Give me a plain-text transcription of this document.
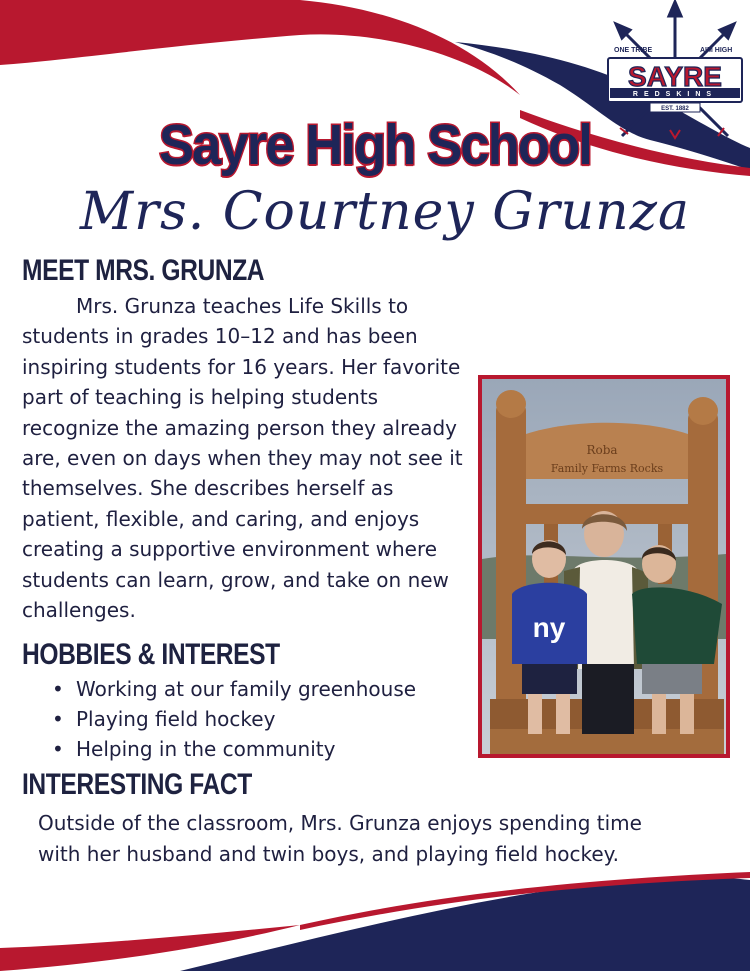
ONE TRIBE	AIM HIGH
SAYRE
REDSKINS
EST. 1882
Sayre High School
Mrs. Courtney Grunza
MEET MRS. GRUNZA
Mrs. Grunza teaches Life Skills to students in grades 10–12 and has been inspiring students for 16 years. Her favorite part of teaching is helping students recognize the amazing person they already are, even on days when they may not see it themselves. She describes herself as patient, flexible, and caring, and enjoys creating a supportive environment where students can learn, grow, and take on new challenges.
Roba
Family Farms Rocks
ny
HOBBIES & INTEREST
• Working at our family greenhouse
• Playing field hockey
• Helping in the community
INTERESTING FACT
Outside of the classroom, Mrs. Grunza enjoys spending time with her husband and twin boys, and playing field hockey.
